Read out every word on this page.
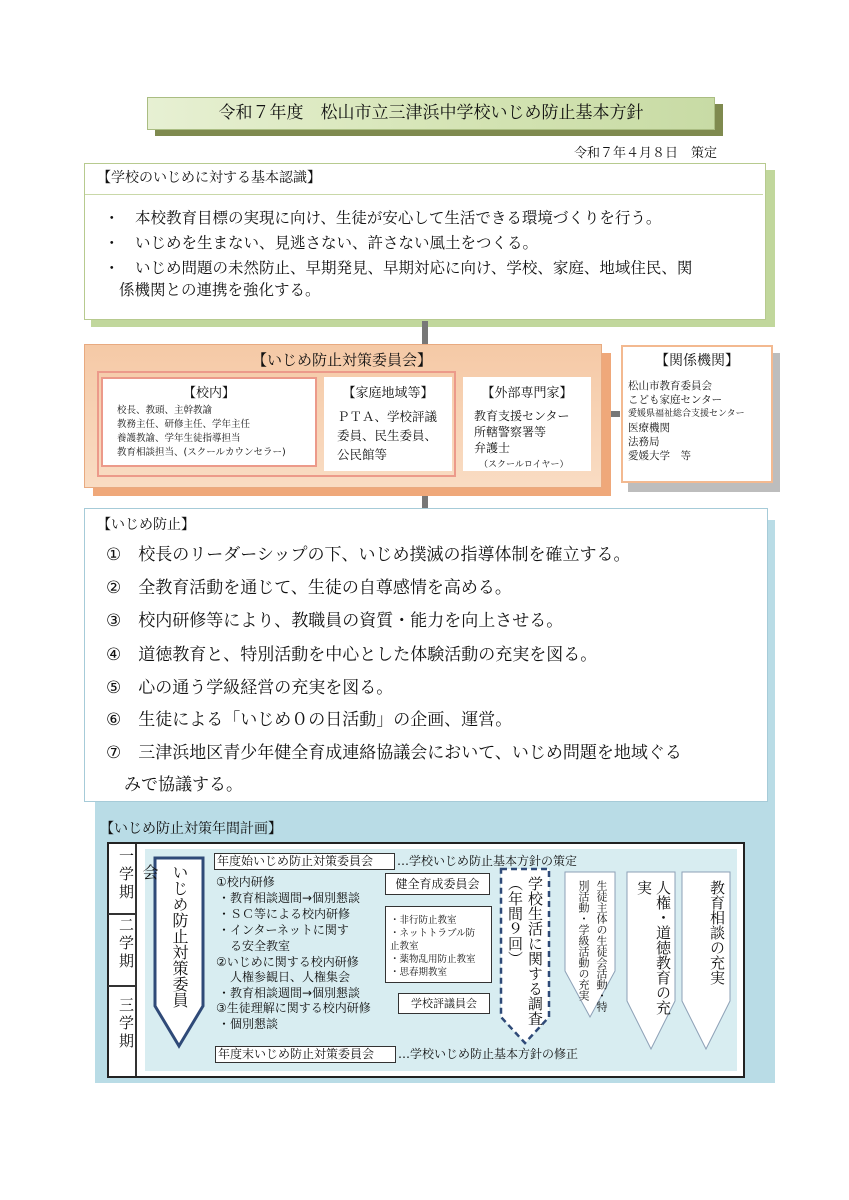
令和７年度　松山市立三津浜中学校いじめ防止基本方針
令和７年４月８日　策定
【学校のいじめに対する基本認識】
・　本校教育目標の実現に向け、生徒が安心して生活できる環境づくりを行う。
・　いじめを生まない、見逃さない、許さない風土をつくる。
・　いじめ問題の未然防止、早期発見、早期対応に向け、学校、家庭、地域住民、関
係機関との連携を強化する。
【いじめ防止対策委員会】
【校内】
校長、教頭、主幹教諭
教務主任、研修主任、学年主任
養護教諭、学年生徒指導担当
教育相談担当、(スクールカウンセラー)
【家庭地域等】
ＰＴＡ、学校評議委員、民生委員、公民館等
【外部専門家】
教育支援センター
所轄警察署等
弁護士
（スクールロイヤー）
【関係機関】
松山市教育委員会
こども家庭センター
愛媛県福祉総合支援センター
医療機関
法務局
愛媛大学　等
【いじめ防止】
①　校長のリーダーシップの下、いじめ撲滅の指導体制を確立する。
②　全教育活動を通じて、生徒の自尊感情を高める。
③　校内研修等により、教職員の資質・能力を向上させる。
④　道徳教育と、特別活動を中心とした体験活動の充実を図る。
⑤　心の通う学級経営の充実を図る。
⑥　生徒による「いじめ０の日活動」の企画、運営。
⑦　三津浜地区青少年健全育成連絡協議会において、いじめ問題を地域ぐる
みで協議する。
【いじめ防止対策年間計画】
一学期
二学期
三学期
いじめ防止対策委員会
年度始いじめ防止対策委員会	…学校いじめ防止基本方針の策定
年度末いじめ防止対策委員会	…学校いじめ防止基本方針の修正
①校内研修
・教育相談週間→個別懇談
・ＳＣ等による校内研修
・インターネットに関す
　る安全教室
②いじめに関する校内研修
　人権参観日、人権集会
・教育相談週間→個別懇談
③生徒理解に関する校内研修
・個別懇談
健全育成委員会
・非行防止教室
・ネットトラブル防
止教室
・薬物乱用防止教室
・思春期教室
学校評議員会	学校生活に関する調査（年間９回）	生徒主体の生徒会活動・特別活動・学級活動の充実	人権・道徳教育の充実	教育相談の充実
